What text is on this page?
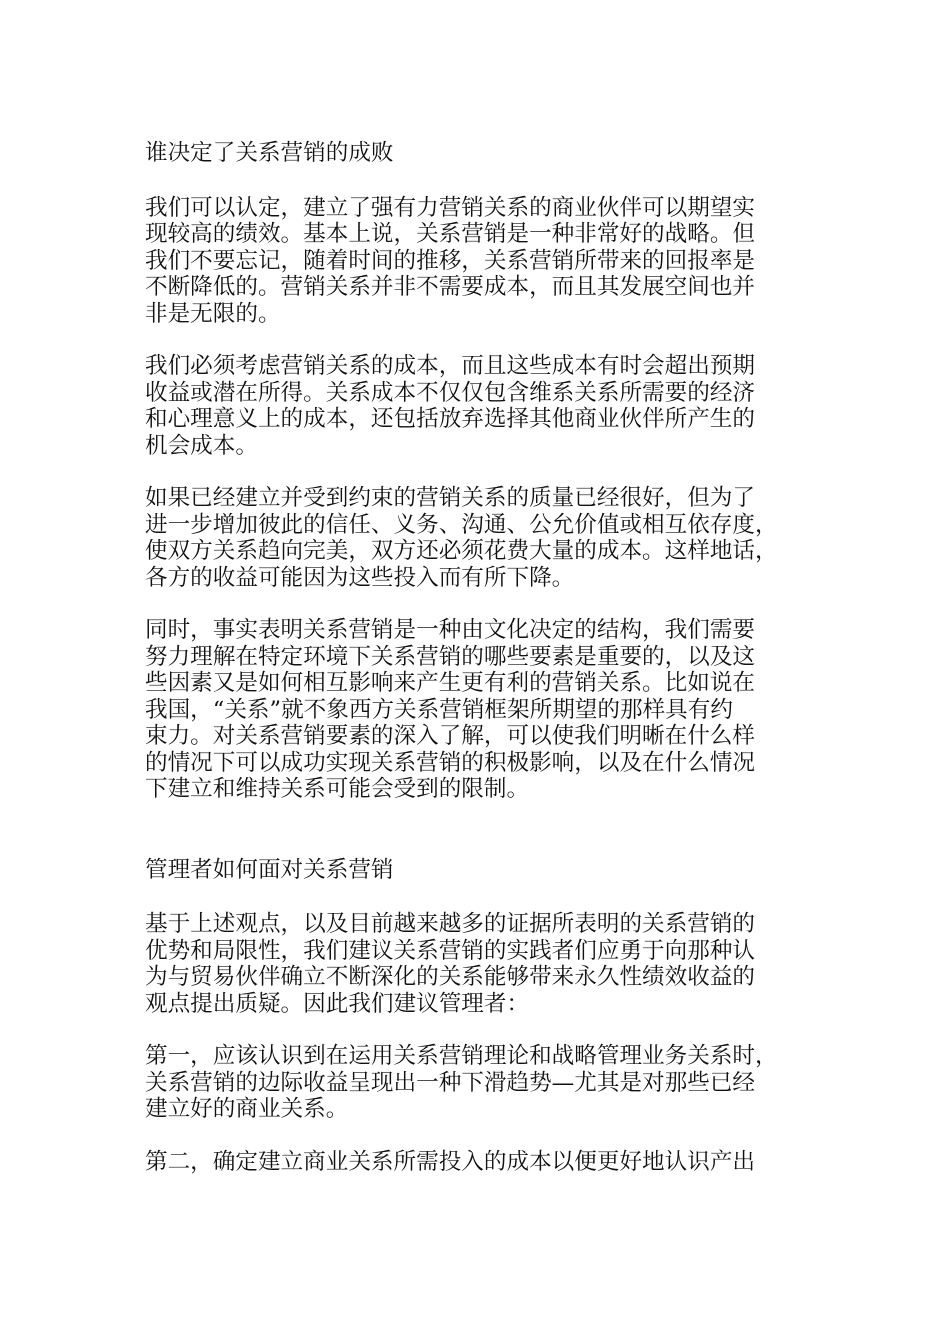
谁决定了关系营销的成败
我们可以认定，建立了强有力营销关系的商业伙伴可以期望实
现较高的绩效。基本上说，关系营销是一种非常好的战略。但
我们不要忘记，随着时间的推移，关系营销所带来的回报率是
不断降低的。营销关系并非不需要成本，而且其发展空间也并
非是无限的。
我们必须考虑营销关系的成本，而且这些成本有时会超出预期
收益或潜在所得。关系成本不仅仅包含维系关系所需要的经济
和心理意义上的成本，还包括放弃选择其他商业伙伴所产生的
机会成本。
如果已经建立并受到约束的营销关系的质量已经很好，但为了
进一步增加彼此的信任、义务、沟通、公允价值或相互依存度，
使双方关系趋向完美，双方还必须花费大量的成本。这样地话，
各方的收益可能因为这些投入而有所下降。
同时，事实表明关系营销是一种由文化决定的结构，我们需要
努力理解在特定环境下关系营销的哪些要素是重要的，以及这
些因素又是如何相互影响来产生更有利的营销关系。比如说在
我国，“关系”就不象西方关系营销框架所期望的那样具有约
束力。对关系营销要素的深入了解，可以使我们明晰在什么样
的情况下可以成功实现关系营销的积极影响，以及在什么情况
下建立和维持关系可能会受到的限制。
管理者如何面对关系营销
基于上述观点，以及目前越来越多的证据所表明的关系营销的
优势和局限性，我们建议关系营销的实践者们应勇于向那种认
为与贸易伙伴确立不断深化的关系能够带来永久性绩效收益的
观点提出质疑。因此我们建议管理者：
第一，应该认识到在运用关系营销理论和战略管理业务关系时，
关系营销的边际收益呈现出一种下滑趋势—尤其是对那些已经
建立好的商业关系。
第二，确定建立商业关系所需投入的成本以便更好地认识产出
